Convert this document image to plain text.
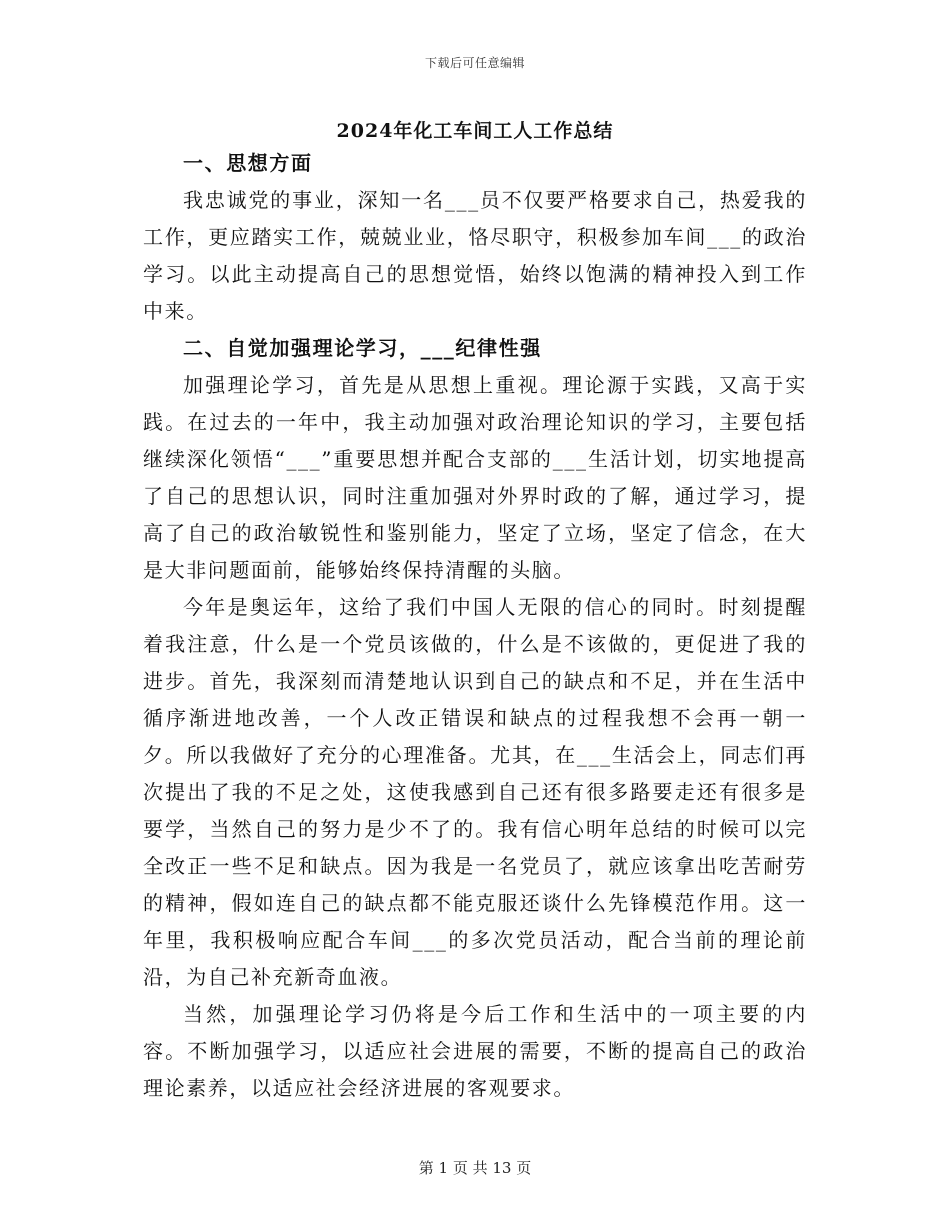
下载后可任意编辑
2024年化工车间工人工作总结

一、思想方面

我忠诚党的事业，深知一名___员不仅要严格要求自己，热爱我的工作，更应踏实工作，兢兢业业，恪尽职守，积极参加车间___的政治学习。以此主动提高自己的思想觉悟，始终以饱满的精神投入到工作中来。

二、自觉加强理论学习，___纪律性强

加强理论学习，首先是从思想上重视。理论源于实践，又高于实践。在过去的一年中，我主动加强对政治理论知识的学习，主要包括继续深化领悟“___”重要思想并配合支部的___生活计划，切实地提高了自己的思想认识，同时注重加强对外界时政的了解，通过学习，提高了自己的政治敏锐性和鉴别能力，坚定了立场，坚定了信念，在大是大非问题面前，能够始终保持清醒的头脑。

今年是奥运年，这给了我们中国人无限的信心的同时。时刻提醒着我注意，什么是一个党员该做的，什么是不该做的，更促进了我的进步。首先，我深刻而清楚地认识到自己的缺点和不足，并在生活中循序渐进地改善，一个人改正错误和缺点的过程我想不会再一朝一夕。所以我做好了充分的心理准备。尤其，在___生活会上，同志们再次提出了我的不足之处，这使我感到自己还有很多路要走还有很多是要学，当然自己的努力是少不了的。我有信心明年总结的时候可以完全改正一些不足和缺点。因为我是一名党员了，就应该拿出吃苦耐劳的精神，假如连自己的缺点都不能克服还谈什么先锋模范作用。这一年里，我积极响应配合车间___的多次党员活动，配合当前的理论前沿，为自己补充新奇血液。

当然，加强理论学习仍将是今后工作和生活中的一项主要的内容。不断加强学习，以适应社会进展的需要，不断的提高自己的政治理论素养，以适应社会经济进展的客观要求。

第 1 页 共 13 页
